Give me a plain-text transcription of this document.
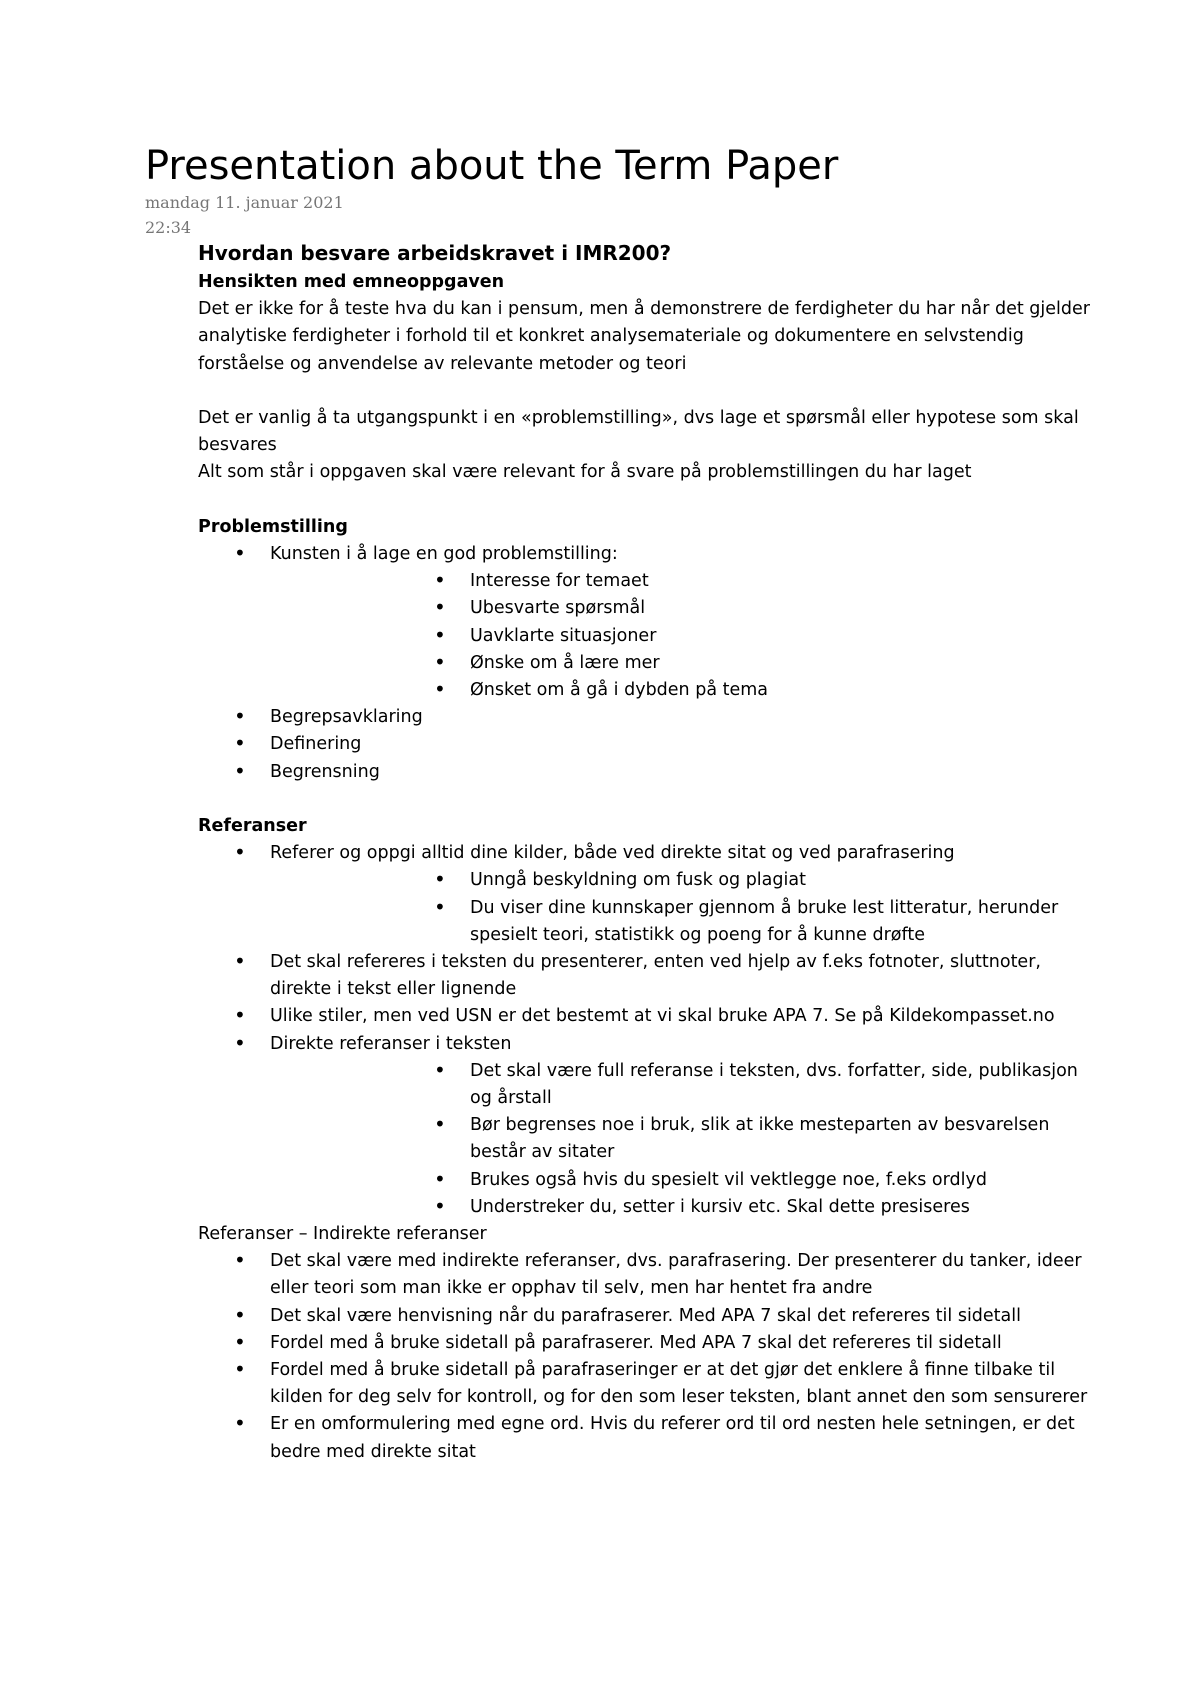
Presentation about the Term Paper
mandag 11. januar 2021
22:34

Hvordan besvare arbeidskravet i IMR200?

Hensikten med emneoppgaven

Det er ikke for å teste hva du kan i pensum, men å demonstrere de ferdigheter du har når det gjelder analytiske ferdigheter i forhold til et konkret analysemateriale og dokumentere en selvstendig forståelse og anvendelse av relevante metoder og teori

Det er vanlig å ta utgangspunkt i en «problemstilling», dvs lage et spørsmål eller hypotese som skal besvares

Alt som står i oppgaven skal være relevant for å svare på problemstillingen du har laget

Problemstilling

• Kunsten i å lage en god problemstilling:
• Interesse for temaet
• Ubesvarte spørsmål
• Uavklarte situasjoner
• Ønske om å lære mer
• Ønsket om å gå i dybden på tema
• Begrepsavklaring
• Definering
• Begrensning

Referanser

• Referer og oppgi alltid dine kilder, både ved direkte sitat og ved parafrasering
• Unngå beskyldning om fusk og plagiat
• Du viser dine kunnskaper gjennom å bruke lest litteratur, herunder spesielt teori, statistikk og poeng for å kunne drøfte
• Det skal refereres i teksten du presenterer, enten ved hjelp av f.eks fotnoter, sluttnoter, direkte i tekst eller lignende
• Ulike stiler, men ved USN er det bestemt at vi skal bruke APA 7. Se på Kildekompasset.no
• Direkte referanser i teksten
• Det skal være full referanse i teksten, dvs. forfatter, side, publikasjon og årstall
• Bør begrenses noe i bruk, slik at ikke mesteparten av besvarelsen består av sitater
• Brukes også hvis du spesielt vil vektlegge noe, f.eks ordlyd
• Understreker du, setter i kursiv etc. Skal dette presiseres

Referanser – Indirekte referanser

• Det skal være med indirekte referanser, dvs. parafrasering. Der presenterer du tanker, ideer eller teori som man ikke er opphav til selv, men har hentet fra andre
• Det skal være henvisning når du parafraserer. Med APA 7 skal det refereres til sidetall
• Fordel med å bruke sidetall på parafraserer. Med APA 7 skal det refereres til sidetall
• Fordel med å bruke sidetall på parafraseringer er at det gjør det enklere å finne tilbake til kilden for deg selv for kontroll, og for den som leser teksten, blant annet den som sensurerer
• Er en omformulering med egne ord. Hvis du referer ord til ord nesten hele setningen, er det bedre med direkte sitat
